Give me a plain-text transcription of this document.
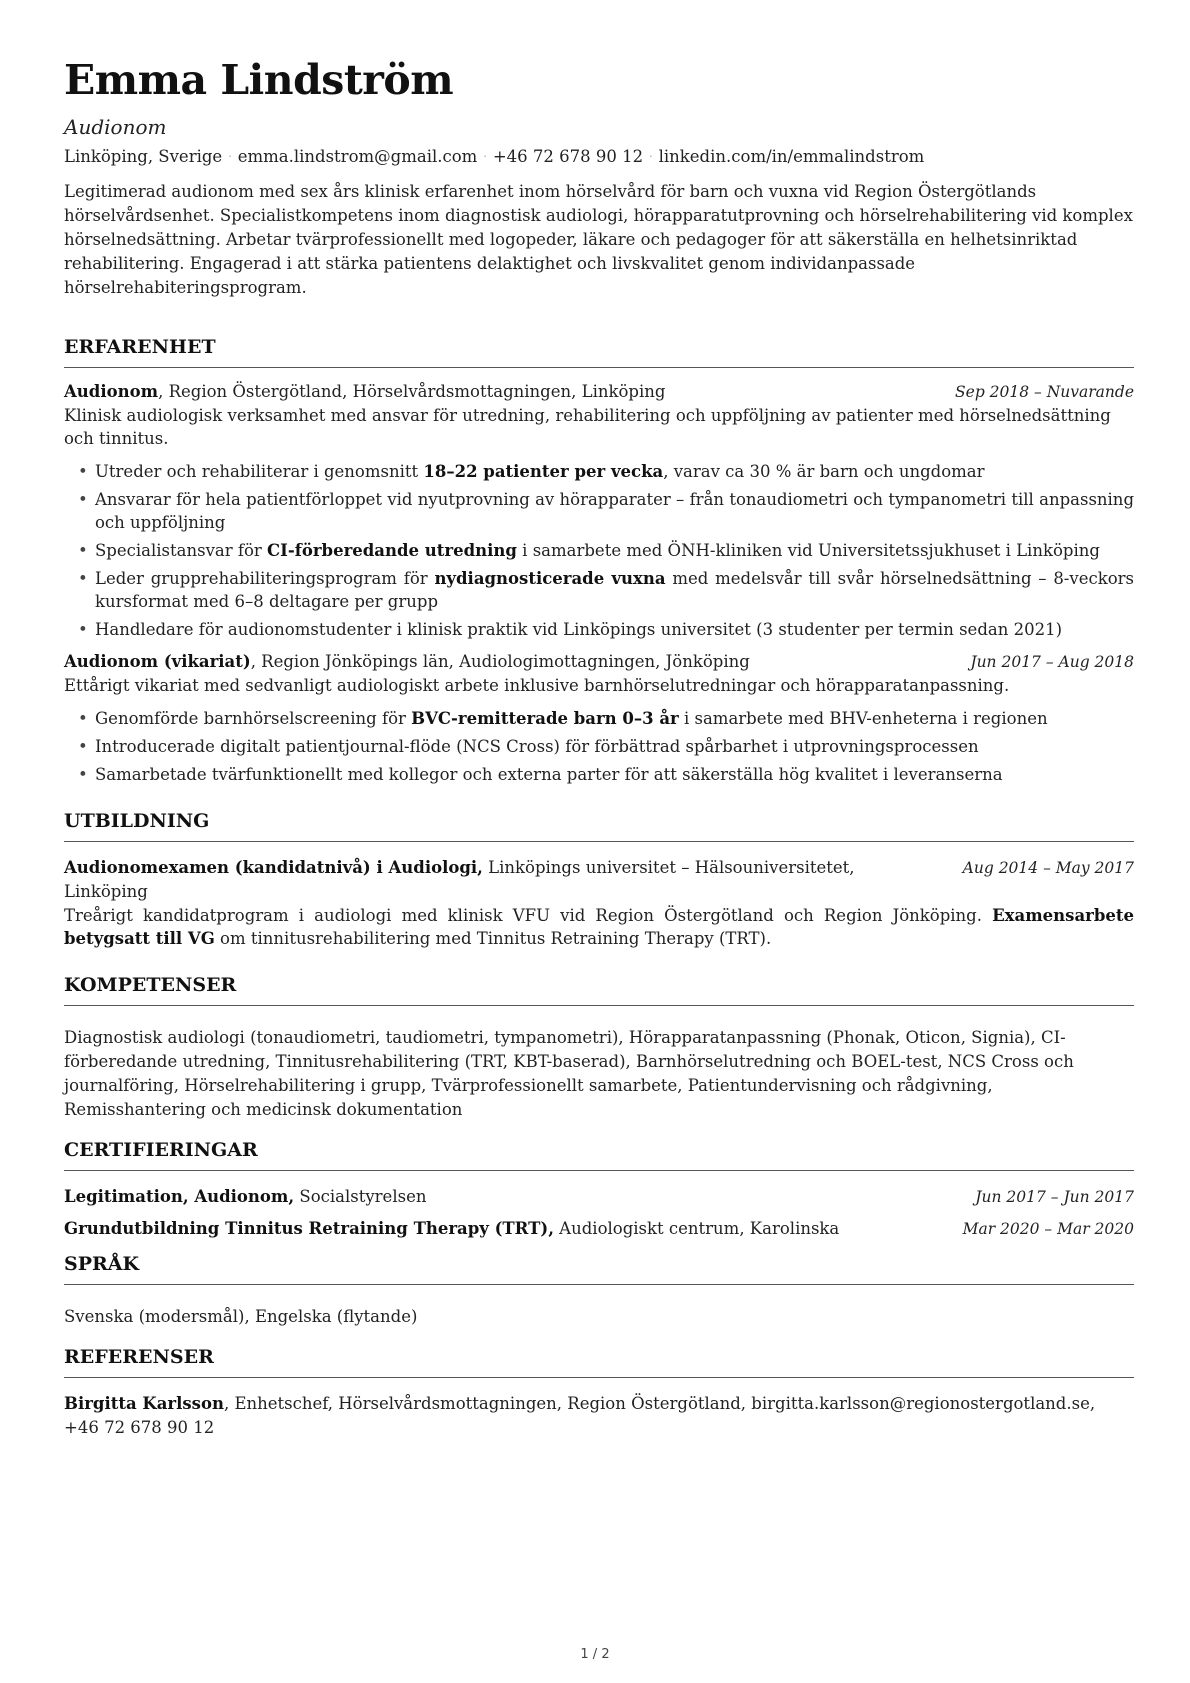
Emma Lindström
Audionom
Linköping, Sverige · emma.lindstrom@gmail.com · +46 72 678 90 12 · linkedin.com/in/emmalindstrom
Legitimerad audionom med sex års klinisk erfarenhet inom hörselvård för barn och vuxna vid Region Östergötlands hörselvårdsenhet. Specialistkompetens inom diagnostisk audiologi, hörapparatutprovning och hörselrehabilitering vid komplex hörselnedsättning. Arbetar tvärprofessionellt med logopeder, läkare och pedagoger för att säkerställa en helhetsinriktad rehabilitering. Engagerad i att stärka patientens delaktighet och livskvalitet genom individanpassade hörselrehabiteringsprogram.
ERFARENHET
Audionom, Region Östergötland, Hörselvårdsmottagningen, Linköping	Sep 2018 – Nuvarande
Klinisk audiologisk verksamhet med ansvar för utredning, rehabilitering och uppföljning av patienter med hörselnedsättning och tinnitus.
• Utreder och rehabiliterar i genomsnitt 18–22 patienter per vecka, varav ca 30 % är barn och ungdomar
• Ansvarar för hela patientförloppet vid nyutprovning av hörapparater – från tonaudiometri och tympanometri till anpassning och uppföljning
• Specialistansvar för CI-förberedande utredning i samarbete med ÖNH-kliniken vid Universitetssjukhuset i Linköping
• Leder grupprehabiliteringsprogram för nydiagnosticerade vuxna med medelsvår till svår hörselnedsättning – 8-veckors kursformat med 6–8 deltagare per grupp
• Handledare för audionomstudenter i klinisk praktik vid Linköpings universitet (3 studenter per termin sedan 2021)
Audionom (vikariat), Region Jönköpings län, Audiologimottagningen, Jönköping	Jun 2017 – Aug 2018
Ettårigt vikariat med sedvanligt audiologiskt arbete inklusive barnhörselutredningar och hörapparatanpassning.
• Genomförde barnhörselscreening för BVC-remitterade barn 0–3 år i samarbete med BHV-enheterna i regionen
• Introducerade digitalt patientjournal-flöde (NCS Cross) för förbättrad spårbarhet i utprovningsprocessen
• Samarbetade tvärfunktionellt med kollegor och externa parter för att säkerställa hög kvalitet i leveranserna
UTBILDNING
Audionomexamen (kandidatnivå) i Audiologi, Linköpings universitet – Hälsouniversitetet, Linköping
Aug 2014 – May 2017
Treårigt kandidatprogram i audiologi med klinisk VFU vid Region Östergötland och Region Jönköping. Examensarbete betygsatt till VG om tinnitusrehabilitering med Tinnitus Retraining Therapy (TRT).
KOMPETENSER
Diagnostisk audiologi (tonaudiometri, taudiometri, tympanometri), Hörapparatanpassning (Phonak, Oticon, Signia), CI-förberedande utredning, Tinnitusrehabilitering (TRT, KBT-baserad), Barnhörselutredning och BOEL-test, NCS Cross och journalföring, Hörselrehabilitering i grupp, Tvärprofessionellt samarbete, Patientundervisning och rådgivning, Remisshantering och medicinsk dokumentation
CERTIFIERINGAR
Legitimation, Audionom, Socialstyrelsen	Jun 2017 – Jun 2017
Grundutbildning Tinnitus Retraining Therapy (TRT), Audiologiskt centrum, Karolinska	Mar 2020 – Mar 2020
SPRÅK
Svenska (modersmål), Engelska (flytande)
REFERENSER
Birgitta Karlsson, Enhetschef, Hörselvårdsmottagningen, Region Östergötland, birgitta.karlsson@regionostergotland.se, +46 72 678 90 12
1 / 2
